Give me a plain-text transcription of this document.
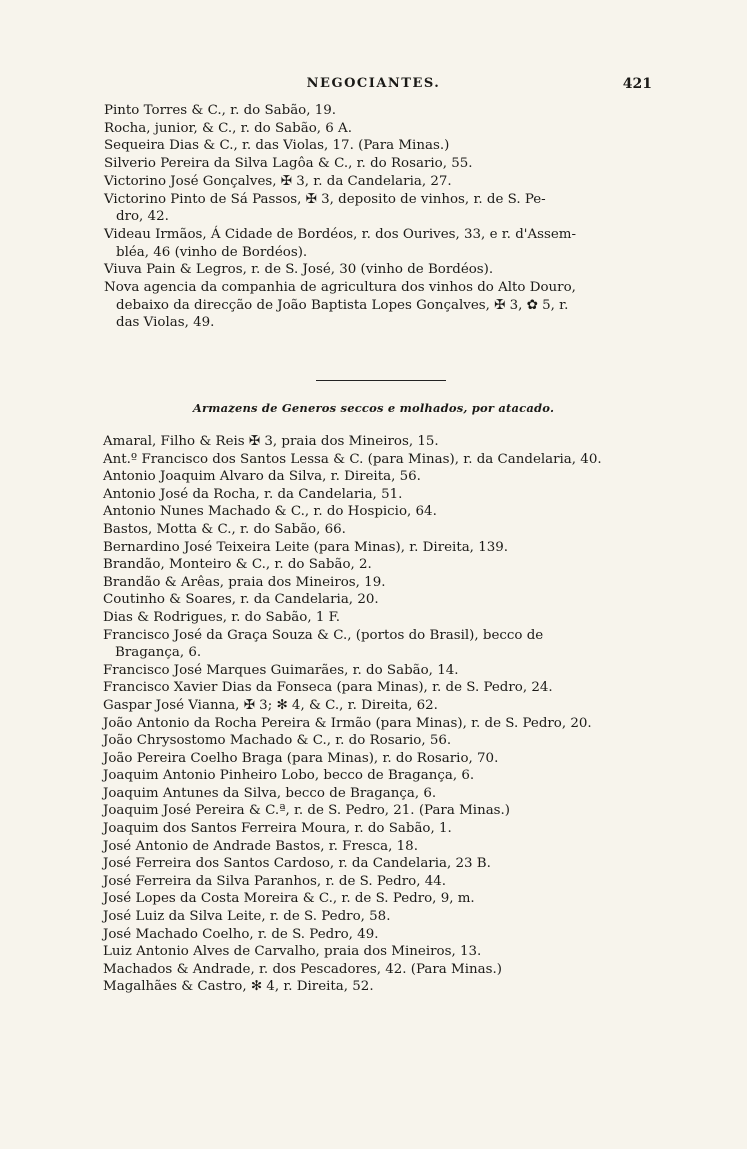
NEGOCIANTES.	421
Pinto Torres & C., r. do Sabão, 19.
Rocha, junior, & C., r. do Sabão, 6 A.
Sequeira Dias & C., r. das Violas, 17. (Para Minas.)
Silverio Pereira da Silva Lagôa & C., r. do Rosario, 55.
Victorino José Gonçalves, ✠ 3, r. da Candelaria, 27.
Victorino Pinto de Sá Passos, ✠ 3, deposito de vinhos, r. de S. Pe-
dro, 42.
Videau Irmãos, Á Cidade de Bordéos, r. dos Ourives, 33, e r. d'Assem-
bléa, 46 (vinho de Bordéos).
Viuva Pain & Legros, r. de S. José, 30 (vinho de Bordéos).
Nova agencia da companhia de agricultura dos vinhos do Alto Douro,
debaixo da direcção de João Baptista Lopes Gonçalves, ✠ 3, ✿ 5, r.
das Violas, 49.
Armazens de Generos seccos e molhados, por atacado.
Amaral, Filho & Reis ✠ 3, praia dos Mineiros, 15.
Ant.º Francisco dos Santos Lessa & C. (para Minas), r. da Candelaria, 40.
Antonio Joaquim Alvaro da Silva, r. Direita, 56.
Antonio José da Rocha, r. da Candelaria, 51.
Antonio Nunes Machado & C., r. do Hospicio, 64.
Bastos, Motta & C., r. do Sabão, 66.
Bernardino José Teixeira Leite (para Minas), r. Direita, 139.
Brandão, Monteiro & C., r. do Sabão, 2.
Brandão & Arêas, praia dos Mineiros, 19.
Coutinho & Soares, r. da Candelaria, 20.
Dias & Rodrigues, r. do Sabão, 1 F.
Francisco José da Graça Souza & C., (portos do Brasil), becco de
Bragança, 6.
Francisco José Marques Guimarães, r. do Sabão, 14.
Francisco Xavier Dias da Fonseca (para Minas), r. de S. Pedro, 24.
Gaspar José Vianna, ✠ 3; ✻ 4, & C., r. Direita, 62.
João Antonio da Rocha Pereira & Irmão (para Minas), r. de S. Pedro, 20.
João Chrysostomo Machado & C., r. do Rosario, 56.
João Pereira Coelho Braga (para Minas), r. do Rosario, 70.
Joaquim Antonio Pinheiro Lobo, becco de Bragança, 6.
Joaquim Antunes da Silva, becco de Bragança, 6.
Joaquim José Pereira & C.ª, r. de S. Pedro, 21. (Para Minas.)
Joaquim dos Santos Ferreira Moura, r. do Sabão, 1.
José Antonio de Andrade Bastos, r. Fresca, 18.
José Ferreira dos Santos Cardoso, r. da Candelaria, 23 B.
José Ferreira da Silva Paranhos, r. de S. Pedro, 44.
José Lopes da Costa Moreira & C., r. de S. Pedro, 9, m.
José Luiz da Silva Leite, r. de S. Pedro, 58.
José Machado Coelho, r. de S. Pedro, 49.
Luiz Antonio Alves de Carvalho, praia dos Mineiros, 13.
Machados & Andrade, r. dos Pescadores, 42. (Para Minas.)
Magalhães & Castro, ✻ 4, r. Direita, 52.
